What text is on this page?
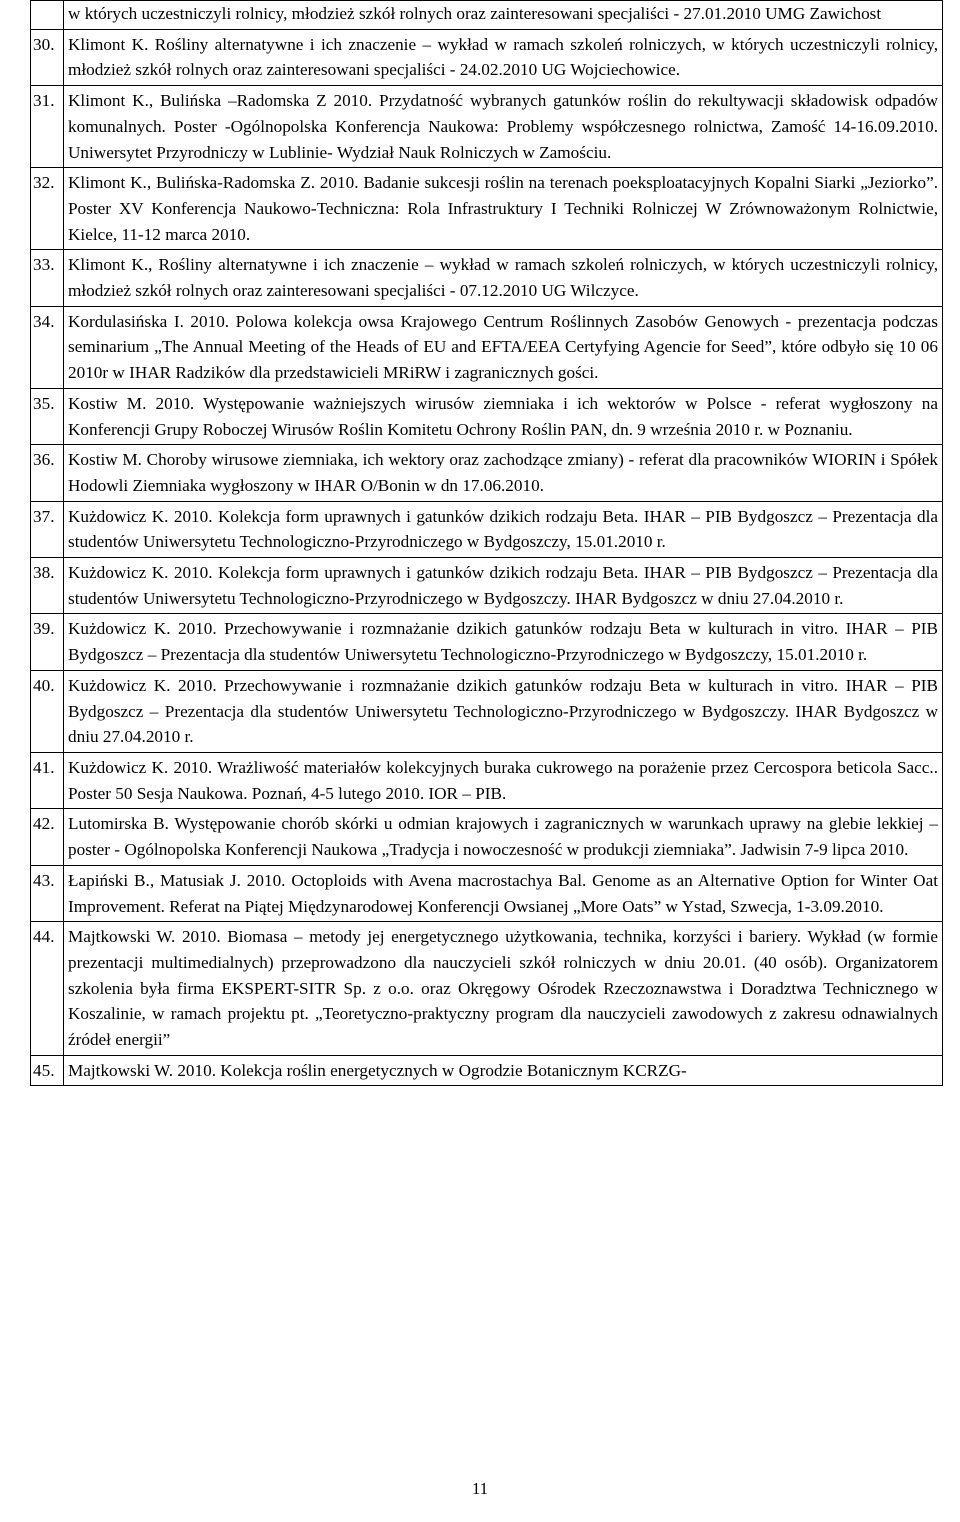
	w których uczestniczyli rolnicy, młodzież szkół rolnych oraz zainteresowani specjaliści - 27.01.2010 UMG Zawichost
30.	Klimont K. Rośliny alternatywne i ich znaczenie – wykład w ramach szkoleń rolniczych, w których uczestniczyli rolnicy, młodzież szkół rolnych oraz zainteresowani specjaliści - 24.02.2010 UG Wojciechowice.
31.	Klimont K., Bulińska –Radomska Z 2010. Przydatność wybranych gatunków roślin do rekultywacji składowisk odpadów komunalnych. Poster -Ogólnopolska Konferencja Naukowa: Problemy współczesnego rolnictwa, Zamość 14-16.09.2010. Uniwersytet Przyrodniczy w Lublinie- Wydział Nauk Rolniczych w Zamościu.
32.	Klimont K., Bulińska-Radomska Z. 2010. Badanie sukcesji roślin na terenach poeksploatacyjnych Kopalni Siarki „Jeziorko”. Poster XV Konferencja Naukowo-Techniczna: Rola Infrastruktury I Techniki Rolniczej W Zrównoważonym Rolnictwie, Kielce, 11-12 marca 2010.
33.	Klimont K., Rośliny alternatywne i ich znaczenie – wykład w ramach szkoleń rolniczych, w których uczestniczyli rolnicy, młodzież szkół rolnych oraz zainteresowani specjaliści - 07.12.2010 UG Wilczyce.
34.	Kordulasińska I. 2010. Polowa kolekcja owsa Krajowego Centrum Roślinnych Zasobów Genowych - prezentacja podczas seminarium „The Annual Meeting of the Heads of EU and EFTA/EEA Certyfying Agencie for Seed”, które odbyło się 10 06 2010r w IHAR Radzików dla przedstawicieli MRiRW i zagranicznych gości.
35.	Kostiw M. 2010. Występowanie ważniejszych wirusów ziemniaka i ich wektorów w Polsce - referat wygłoszony na Konferencji Grupy Roboczej Wirusów Roślin Komitetu Ochrony Roślin PAN, dn. 9 września 2010 r. w Poznaniu.
36.	Kostiw M. Choroby wirusowe ziemniaka, ich wektory oraz zachodzące zmiany) - referat dla pracowników WIORIN i Spółek Hodowli Ziemniaka wygłoszony w IHAR O/Bonin w dn 17.06.2010.
37.	Kużdowicz K. 2010. Kolekcja form uprawnych i gatunków dzikich rodzaju Beta. IHAR – PIB Bydgoszcz – Prezentacja dla studentów Uniwersytetu Technologiczno-Przyrodniczego w Bydgoszczy, 15.01.2010 r.
38.	Kużdowicz K. 2010. Kolekcja form uprawnych i gatunków dzikich rodzaju Beta. IHAR – PIB Bydgoszcz – Prezentacja dla studentów Uniwersytetu Technologiczno-Przyrodniczego w Bydgoszczy. IHAR Bydgoszcz w dniu 27.04.2010 r.
39.	Kużdowicz K. 2010. Przechowywanie i rozmnażanie dzikich gatunków rodzaju Beta w kulturach in vitro. IHAR – PIB Bydgoszcz – Prezentacja dla studentów Uniwersytetu Technologiczno-Przyrodniczego w Bydgoszczy, 15.01.2010 r.
40.	Kużdowicz K. 2010. Przechowywanie i rozmnażanie dzikich gatunków rodzaju Beta w kulturach in vitro. IHAR – PIB Bydgoszcz – Prezentacja dla studentów Uniwersytetu Technologiczno-Przyrodniczego w Bydgoszczy. IHAR Bydgoszcz w dniu 27.04.2010 r.
41.	Kużdowicz K. 2010. Wrażliwość materiałów kolekcyjnych buraka cukrowego na porażenie przez Cercospora beticola Sacc.. Poster 50 Sesja Naukowa. Poznań, 4-5 lutego 2010. IOR – PIB.
42.	Lutomirska B. Występowanie chorób skórki u odmian krajowych i zagranicznych w warunkach uprawy na glebie lekkiej – poster - Ogólnopolska Konferencji Naukowa „Tradycja i nowoczesność w produkcji ziemniaka”. Jadwisin 7-9 lipca 2010.
43.	Łapiński B., Matusiak J. 2010. Octoploids with Avena macrostachya Bal. Genome as an Alternative Option for Winter Oat Improvement. Referat na Piątej Międzynarodowej Konferencji Owsianej „More Oats” w Ystad, Szwecja, 1-3.09.2010.
44.	Majtkowski W. 2010. Biomasa – metody jej energetycznego użytkowania, technika, korzyści i bariery. Wykład (w formie prezentacji multimedialnych) przeprowadzono dla nauczycieli szkół rolniczych w dniu 20.01. (40 osób). Organizatorem szkolenia była firma EKSPERT-SITR Sp. z o.o. oraz Okręgowy Ośrodek Rzeczoznawstwa i Doradztwa Technicznego w Koszalinie, w ramach projektu pt. „Teoretyczno-praktyczny program dla nauczycieli zawodowych z zakresu odnawialnych źródeł energii”
45.	Majtkowski W. 2010. Kolekcja roślin energetycznych w Ogrodzie Botanicznym KCRZG-
11
